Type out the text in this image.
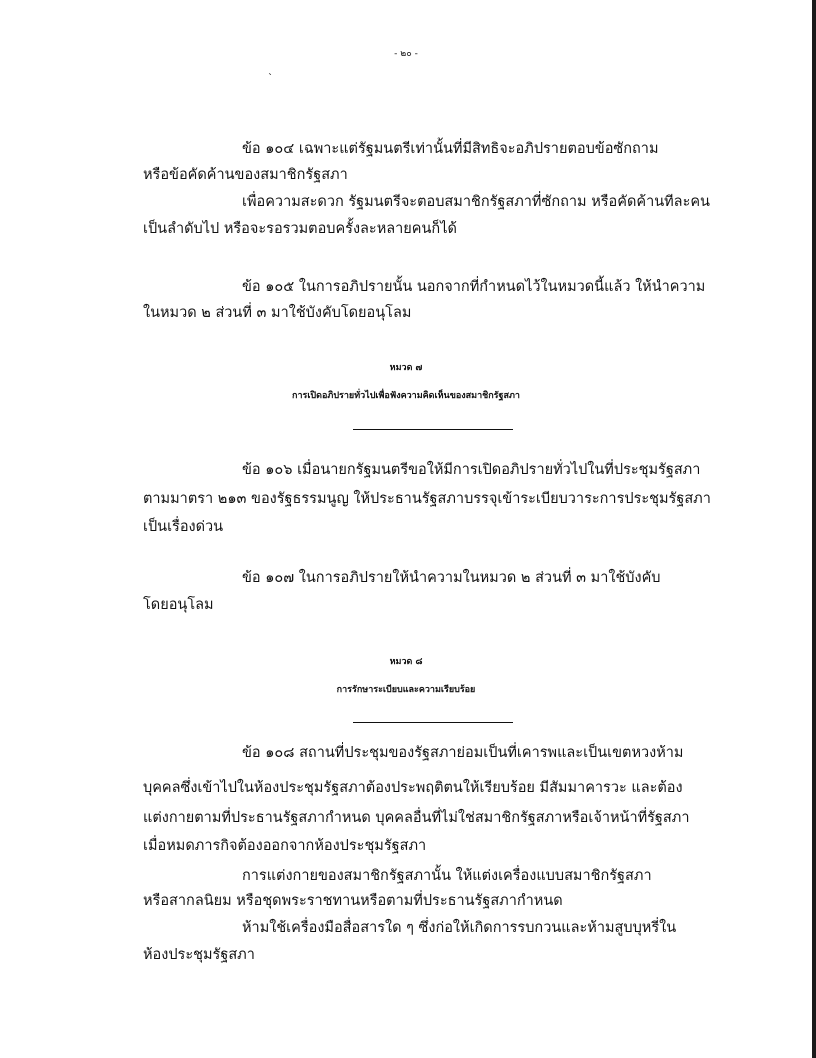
- ๒๐ -
`
ข้อ ๑๐๔ เฉพาะแต่รัฐมนตรีเท่านั้นที่มีสิทธิจะอภิปรายตอบข้อซักถาม
หรือข้อคัดค้านของสมาชิกรัฐสภา
เพื่อความสะดวก รัฐมนตรีจะตอบสมาชิกรัฐสภาที่ซักถาม หรือคัดค้านทีละคน
เป็นลำดับไป หรือจะรอรวมตอบครั้งละหลายคนก็ได้
ข้อ ๑๐๕ ในการอภิปรายนั้น นอกจากที่กำหนดไว้ในหมวดนี้แล้ว ให้นำความ
ในหมวด ๒ ส่วนที่ ๓ มาใช้บังคับโดยอนุโลม
หมวด ๗
การเปิดอภิปรายทั่วไปเพื่อฟังความคิดเห็นของสมาชิกรัฐสภา
ข้อ ๑๐๖ เมื่อนายกรัฐมนตรีขอให้มีการเปิดอภิปรายทั่วไปในที่ประชุมรัฐสภา
ตามมาตรา ๒๑๓ ของรัฐธรรมนูญ ให้ประธานรัฐสภาบรรจุเข้าระเบียบวาระการประชุมรัฐสภา
เป็นเรื่องด่วน
ข้อ ๑๐๗ ในการอภิปรายให้นำความในหมวด ๒ ส่วนที่ ๓ มาใช้บังคับ
โดยอนุโลม
หมวด ๘
การรักษาระเบียบและความเรียบร้อย
ข้อ ๑๐๘ สถานที่ประชุมของรัฐสภาย่อมเป็นที่เคารพและเป็นเขตหวงห้าม
บุคคลซึ่งเข้าไปในห้องประชุมรัฐสภาต้องประพฤติตนให้เรียบร้อย มีสัมมาคารวะ และต้อง
แต่งกายตามที่ประธานรัฐสภากำหนด บุคคลอื่นที่ไม่ใช่สมาชิกรัฐสภาหรือเจ้าหน้าที่รัฐสภา
เมื่อหมดภารกิจต้องออกจากห้องประชุมรัฐสภา
การแต่งกายของสมาชิกรัฐสภานั้น ให้แต่งเครื่องแบบสมาชิกรัฐสภา
หรือสากลนิยม หรือชุดพระราชทานหรือตามที่ประธานรัฐสภากำหนด
ห้ามใช้เครื่องมือสื่อสารใด ๆ ซึ่งก่อให้เกิดการรบกวนและห้ามสูบบุหรี่ใน
ห้องประชุมรัฐสภา
